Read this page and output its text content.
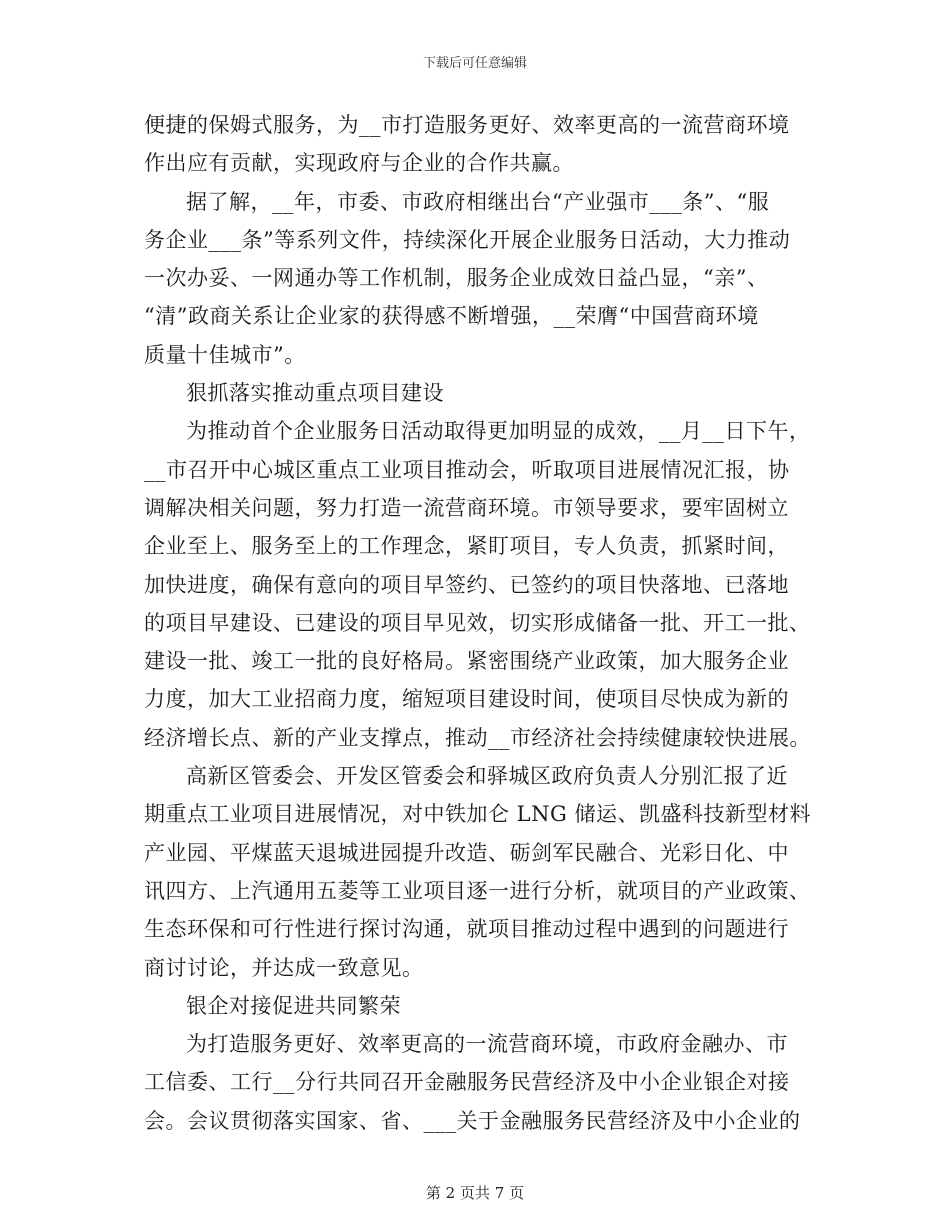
下载后可任意编辑
便捷的保姆式服务，为__市打造服务更好、效率更高的一流营商环境
作出应有贡献，实现政府与企业的合作共赢。
据了解，__年，市委、市政府相继出台“产业强市___条”、“服
务企业___条”等系列文件，持续深化开展企业服务日活动，大力推动
一次办妥、一网通办等工作机制，服务企业成效日益凸显，“亲”、
“清”政商关系让企业家的获得感不断增强，__荣膺“中国营商环境
质量十佳城市”。
狠抓落实推动重点项目建设
为推动首个企业服务日活动取得更加明显的成效，__月__日下午，
__市召开中心城区重点工业项目推动会，听取项目进展情况汇报，协
调解决相关问题，努力打造一流营商环境。市领导要求，要牢固树立
企业至上、服务至上的工作理念，紧盯项目，专人负责，抓紧时间，
加快进度，确保有意向的项目早签约、已签约的项目快落地、已落地
的项目早建设、已建设的项目早见效，切实形成储备一批、开工一批、
建设一批、竣工一批的良好格局。紧密围绕产业政策，加大服务企业
力度，加大工业招商力度，缩短项目建设时间，使项目尽快成为新的
经济增长点、新的产业支撑点，推动__市经济社会持续健康较快进展。
高新区管委会、开发区管委会和驿城区政府负责人分别汇报了近
期重点工业项目进展情况，对中铁加仑 LNG 储运、凯盛科技新型材料
产业园、平煤蓝天退城进园提升改造、砺剑军民融合、光彩日化、中
讯四方、上汽通用五菱等工业项目逐一进行分析，就项目的产业政策、
生态环保和可行性进行探讨沟通，就项目推动过程中遇到的问题进行
商讨讨论，并达成一致意见。
银企对接促进共同繁荣
为打造服务更好、效率更高的一流营商环境，市政府金融办、市
工信委、工行__分行共同召开金融服务民营经济及中小企业银企对接
会。会议贯彻落实国家、省、___关于金融服务民营经济及中小企业的
第 2 页共 7 页
